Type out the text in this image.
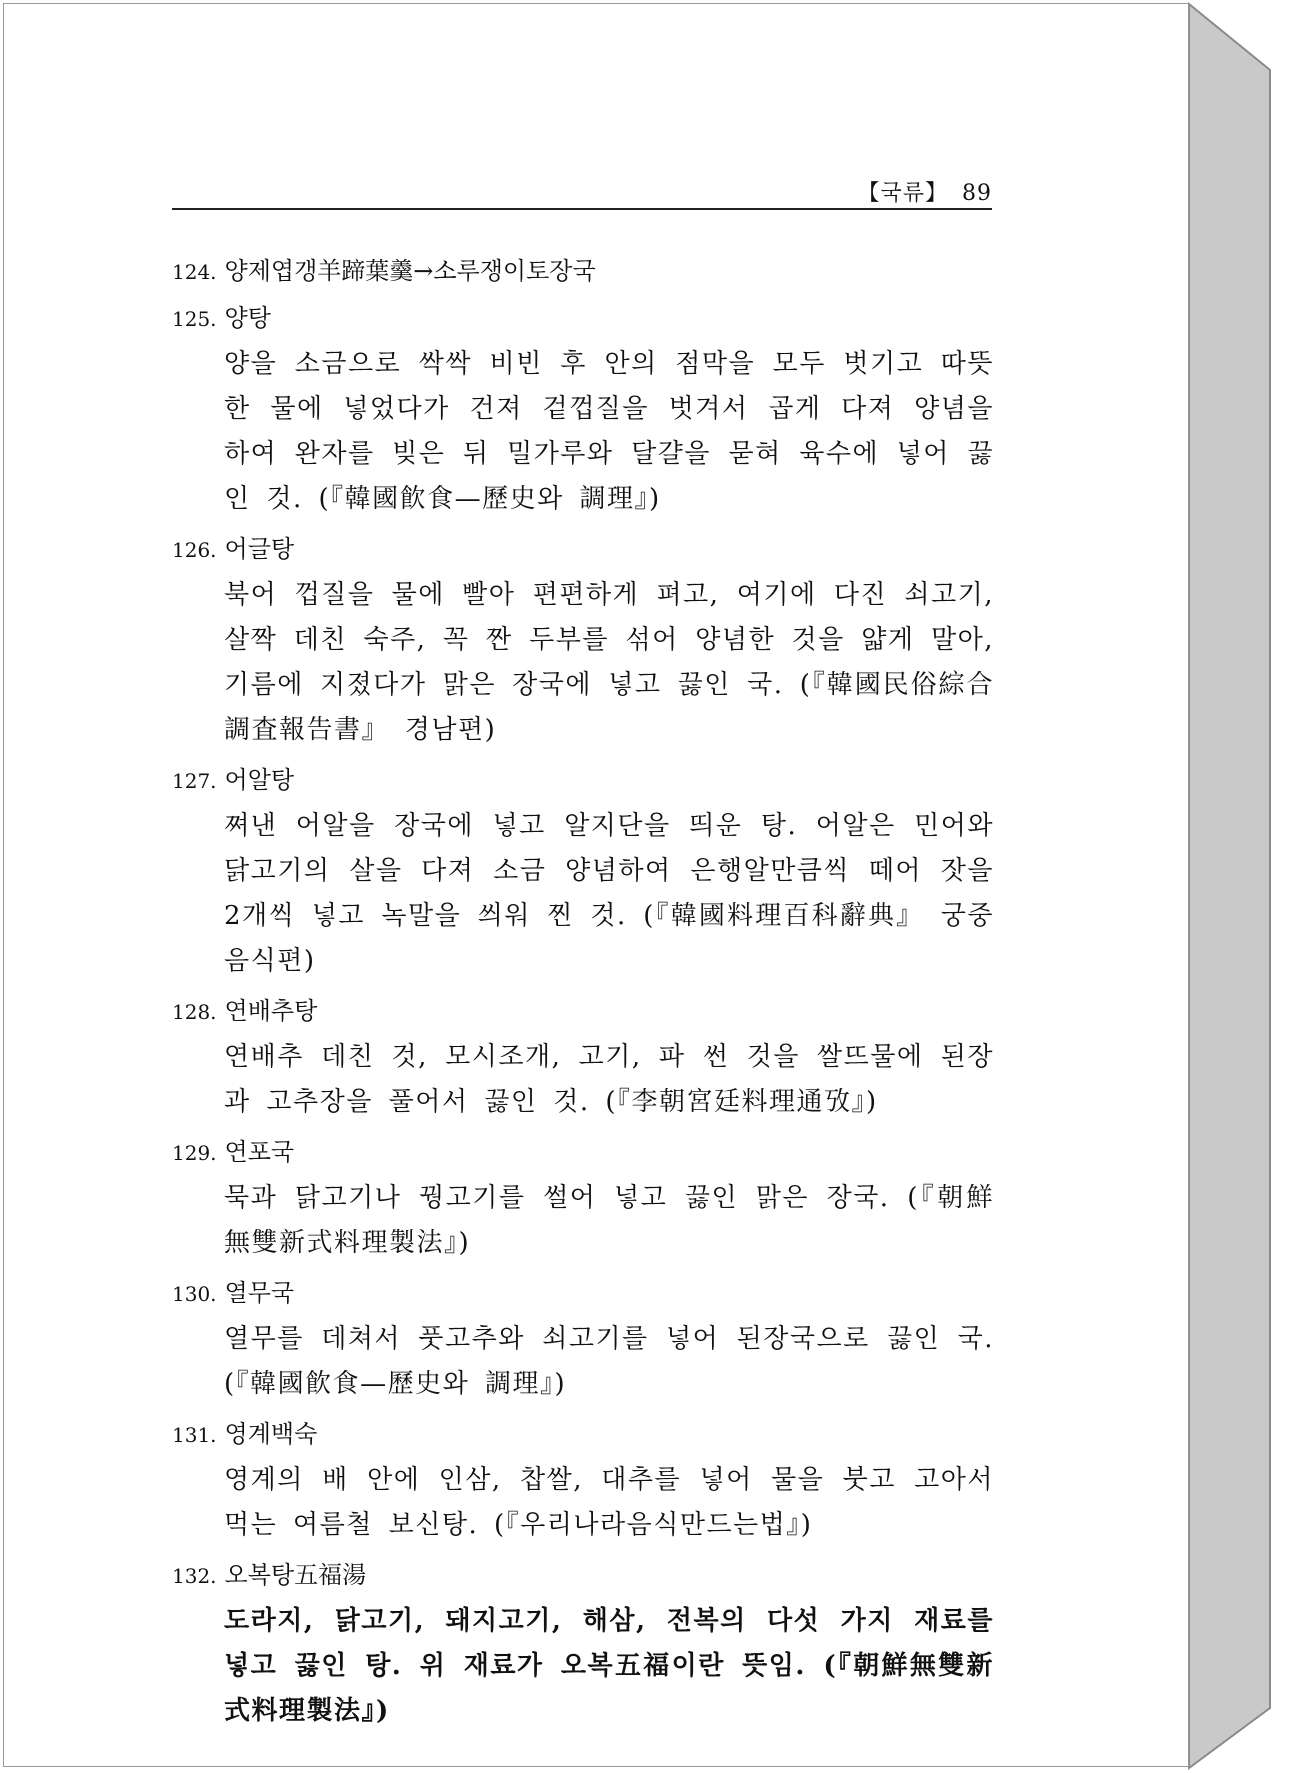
【국류】 89
124. 양제엽갱羊蹄葉羹→소루쟁이토장국
125. 양탕
양을 소금으로 싹싹 비빈 후 안의 점막을 모두 벗기고 따뜻한 물에 넣었다가 건져 겉껍질을 벗겨서 곱게 다져 양념을 하여 완자를 빚은 뒤 밀가루와 달걀을 묻혀 육수에 넣어 끓인 것. (『韓國飮食—歷史와 調理』)
126. 어글탕
북어 껍질을 물에 빨아 편편하게 펴고, 여기에 다진 쇠고기, 살짝 데친 숙주, 꼭 짠 두부를 섞어 양념한 것을 얇게 말아, 기름에 지졌다가 맑은 장국에 넣고 끓인 국. (『韓國民俗綜合調査報告書』 경남편)
127. 어알탕
쪄낸 어알을 장국에 넣고 알지단을 띄운 탕. 어알은 민어와 닭고기의 살을 다져 소금 양념하여 은행알만큼씩 떼어 잣을 2개씩 넣고 녹말을 씌워 찐 것. (『韓國料理百科辭典』 궁중음식편)
128. 연배추탕
연배추 데친 것, 모시조개, 고기, 파 썬 것을 쌀뜨물에 된장과 고추장을 풀어서 끓인 것. (『李朝宮廷料理通攷』)
129. 연포국
묵과 닭고기나 꿩고기를 썰어 넣고 끓인 맑은 장국. (『朝鮮無雙新式料理製法』)
130. 열무국
열무를 데쳐서 풋고추와 쇠고기를 넣어 된장국으로 끓인 국. (『韓國飮食—歷史와 調理』)
131. 영계백숙
영계의 배 안에 인삼, 찹쌀, 대추를 넣어 물을 붓고 고아서 먹는 여름철 보신탕. (『우리나라음식만드는법』)
132. 오복탕五福湯
도라지, 닭고기, 돼지고기, 해삼, 전복의 다섯 가지 재료를 넣고 끓인 탕. 위 재료가 오복五福이란 뜻임. (『朝鮮無雙新式料理製法』)
